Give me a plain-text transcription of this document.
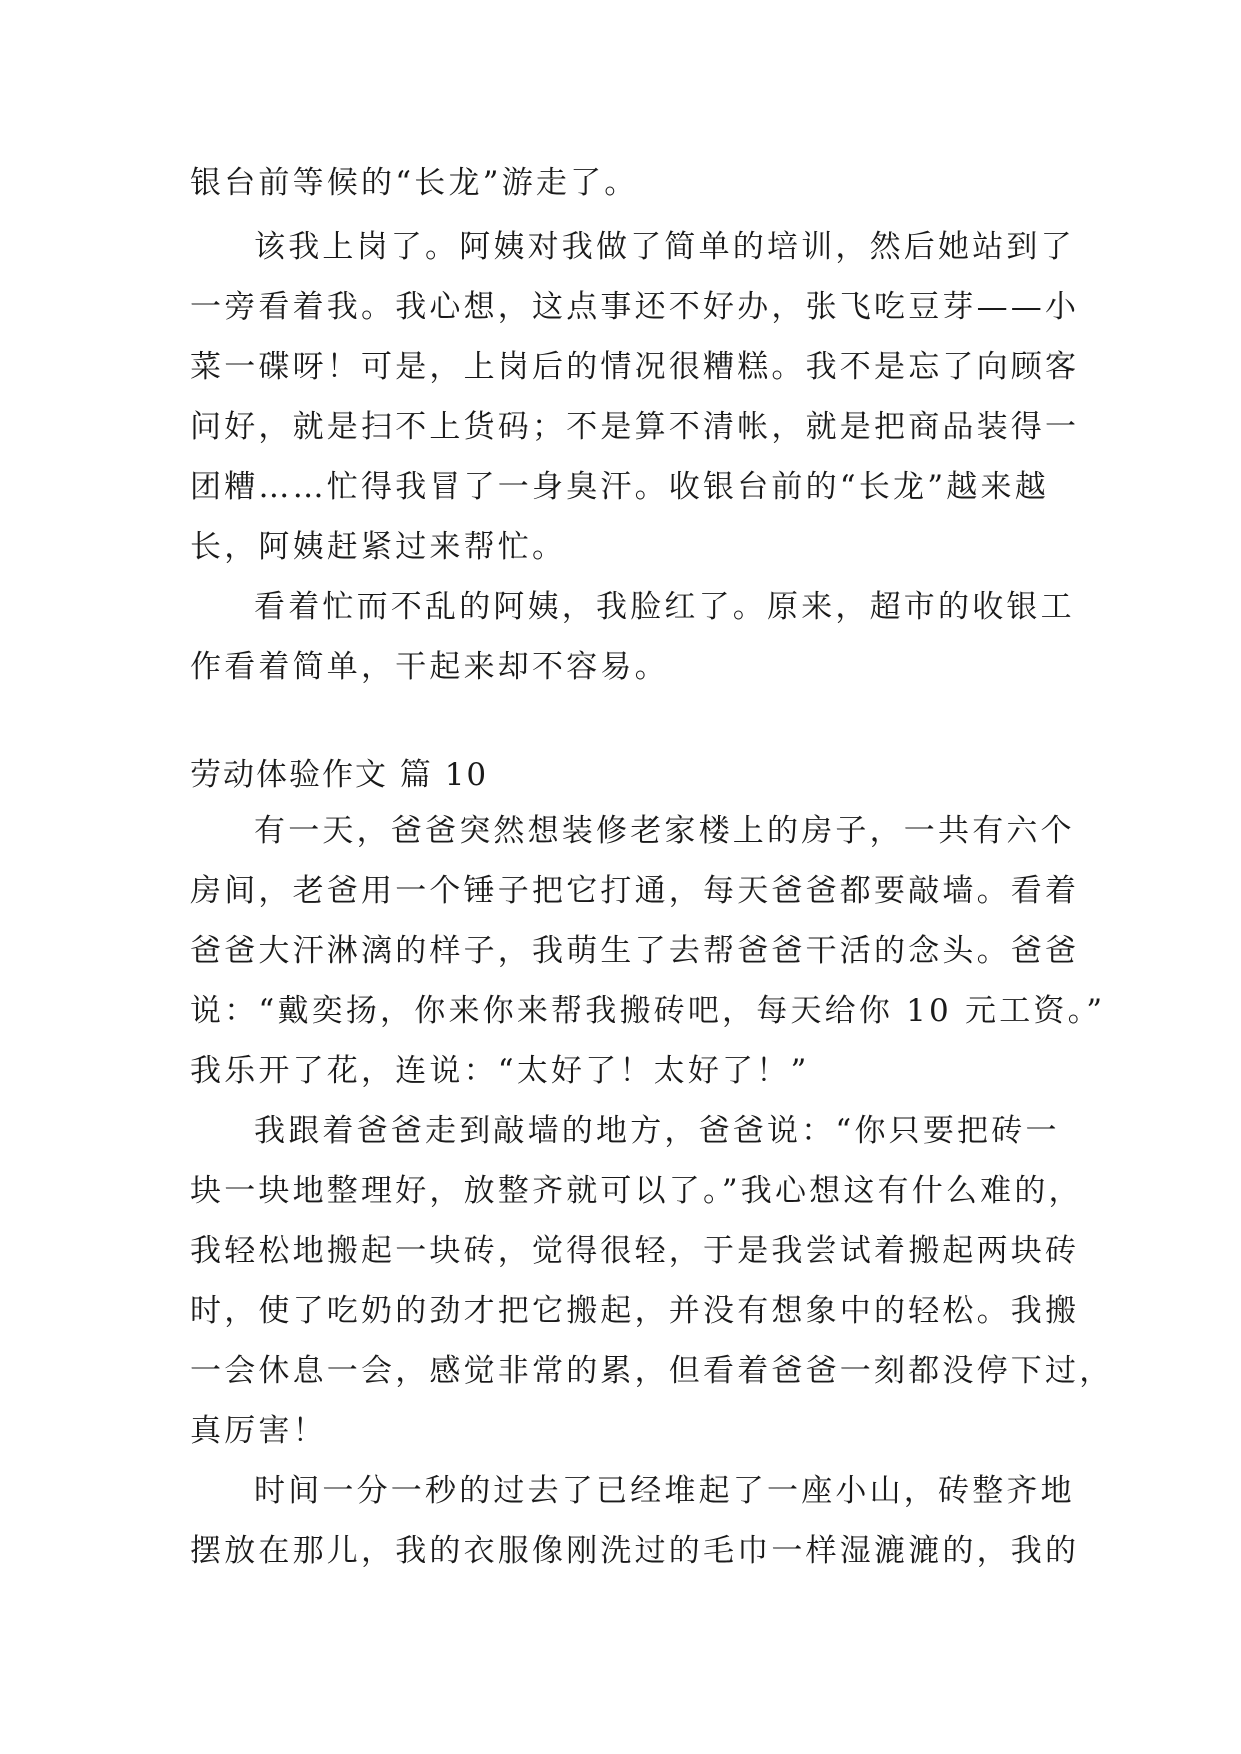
银台前等候的“长龙”游走了。
该我上岗了。阿姨对我做了简单的培训，然后她站到了
一旁看着我。我心想，这点事还不好办，张飞吃豆芽——小
菜一碟呀！可是，上岗后的情况很糟糕。我不是忘了向顾客
问好，就是扫不上货码；不是算不清帐，就是把商品装得一
团糟……忙得我冒了一身臭汗。收银台前的“长龙”越来越
长，阿姨赶紧过来帮忙。
看着忙而不乱的阿姨，我脸红了。原来，超市的收银工
作看着简单，干起来却不容易。
劳动体验作文 篇 10
有一天，爸爸突然想装修老家楼上的房子，一共有六个
房间，老爸用一个锤子把它打通，每天爸爸都要敲墙。看着
爸爸大汗淋漓的样子，我萌生了去帮爸爸干活的念头。爸爸
说：“戴奕扬，你来你来帮我搬砖吧，每天给你 10 元工资。”
我乐开了花，连说：“太好了！太好了！”
我跟着爸爸走到敲墙的地方，爸爸说：“你只要把砖一
块一块地整理好，放整齐就可以了。”我心想这有什么难的，
我轻松地搬起一块砖，觉得很轻，于是我尝试着搬起两块砖
时，使了吃奶的劲才把它搬起，并没有想象中的轻松。我搬
一会休息一会，感觉非常的累，但看着爸爸一刻都没停下过，
真厉害！
时间一分一秒的过去了已经堆起了一座小山，砖整齐地
摆放在那儿，我的衣服像刚洗过的毛巾一样湿漉漉的，我的
